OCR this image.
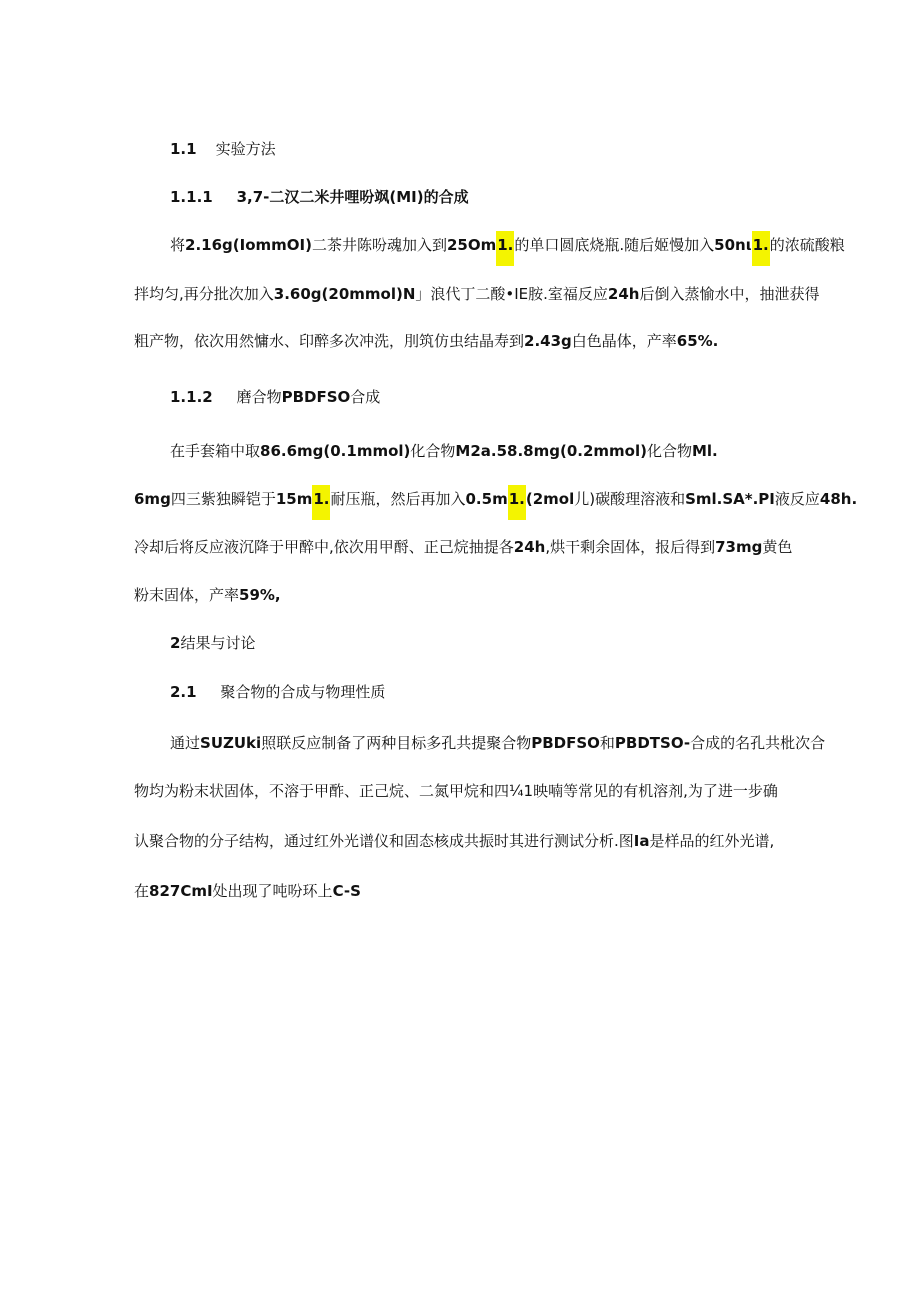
1.1 实验方法
1.1.1 3,7-二汉二米井哩吩飒(MI)的合成
将2.16g(IommOI)二茶井陈吩魂加入到25Om1.的单口圆底烧瓶.随后姬慢加入50nι1.的浓硫酸粮
拌均匀,再分批次加入3.60g(20mmol)N」浪代丁二酸•IE胺.室福反应24h后倒入蒸愉水中，抽泄获得
粗产物，依次用然慵水、印醉多次冲洗，刖筑仿虫结晶寿到2.43g白色晶体，产率65%.
1.1.2 磨合物PBDFSO合成
在手套箱中取86.6mg(0.1mmol)化合物M2a.58.8mg(0.2mmol)化合物Ml.
6mg四三紫独瞬铠于15m1.耐压瓶，然后再加入0.5m1.(2mol儿)碳酸理溶液和Sml.SA*.PI液反应48h.
冷却后将反应液沉降于甲醉中,依次用甲酹、正己烷抽提各24h,烘干剩余固体，报后得到73mg黄色
粉末固体，产率59%,
2结果与讨论
2.1 聚合物的合成与物理性质
通过SUZUki照联反应制备了两种目标多孔共提聚合物PBDFSO和PBDTSO-合成的名孔共枇次合
物均为粉末状固体，不溶于甲酢、正己烷、二氮甲烷和四¼1映喃等常见的有机溶剂,为了进一步确
认聚合物的分子结构，通过红外光谱仪和固态核成共振时其进行测试分析.图Ia是样品的红外光谱,
在827CmI处出现了吨吩环上C-S
